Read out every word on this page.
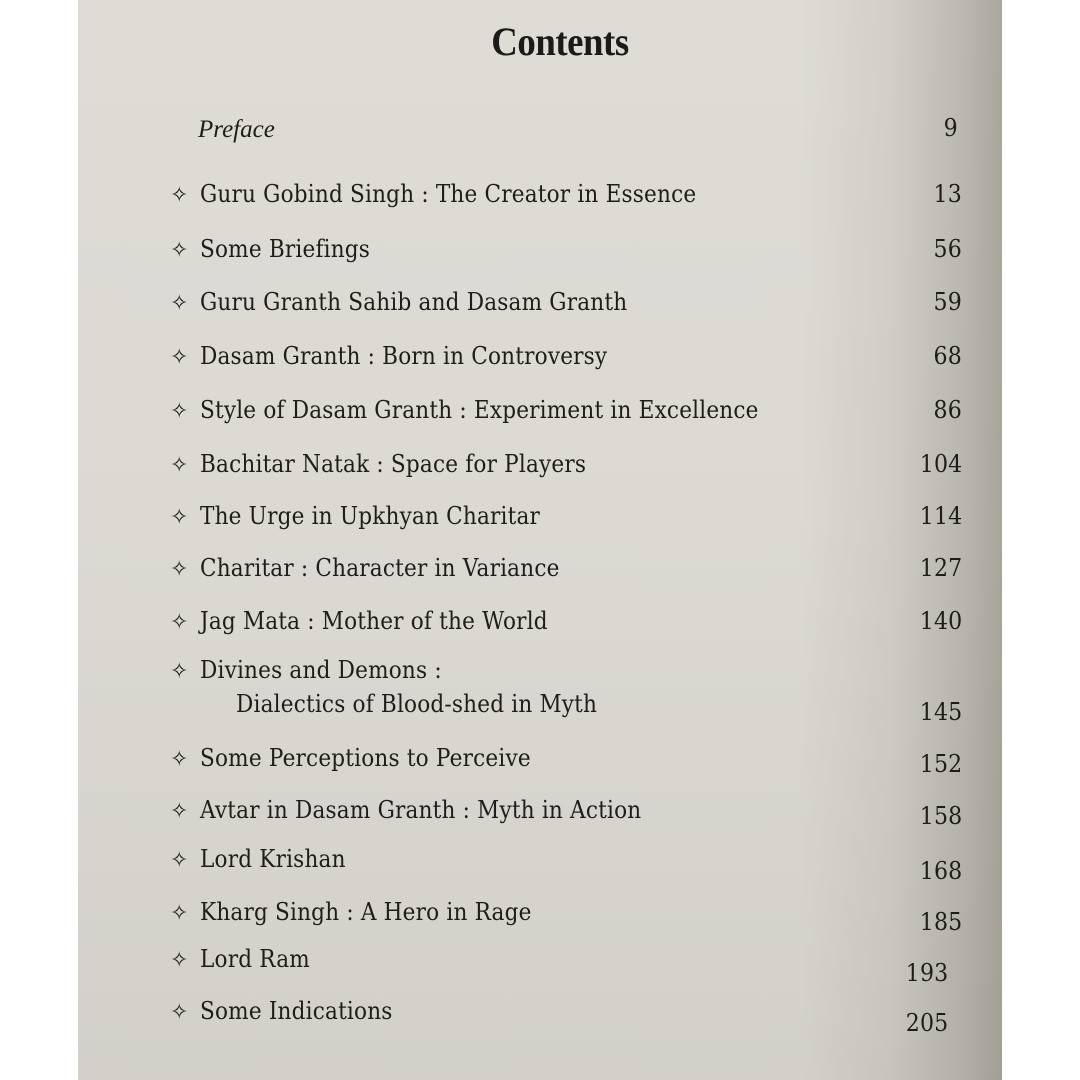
Contents
Preface	9
✧ Guru Gobind Singh : The Creator in Essence	13
✧ Some Briefings	56
✧ Guru Granth Sahib and Dasam Granth	59
✧ Dasam Granth : Born in Controversy	68
✧ Style of Dasam Granth : Experiment in Excellence	86
✧ Bachitar Natak : Space for Players	104
✧ The Urge in Upkhyan Charitar	114
✧ Charitar : Character in Variance	127
✧ Jag Mata : Mother of the World	140
✧ Divines and Demons :
Dialectics of Blood-shed in Myth	145
✧ Some Perceptions to Perceive	152
✧ Avtar in Dasam Granth : Myth in Action	158
✧ Lord Krishan	168
✧ Kharg Singh : A Hero in Rage	185
✧ Lord Ram	193
✧ Some Indications	205
